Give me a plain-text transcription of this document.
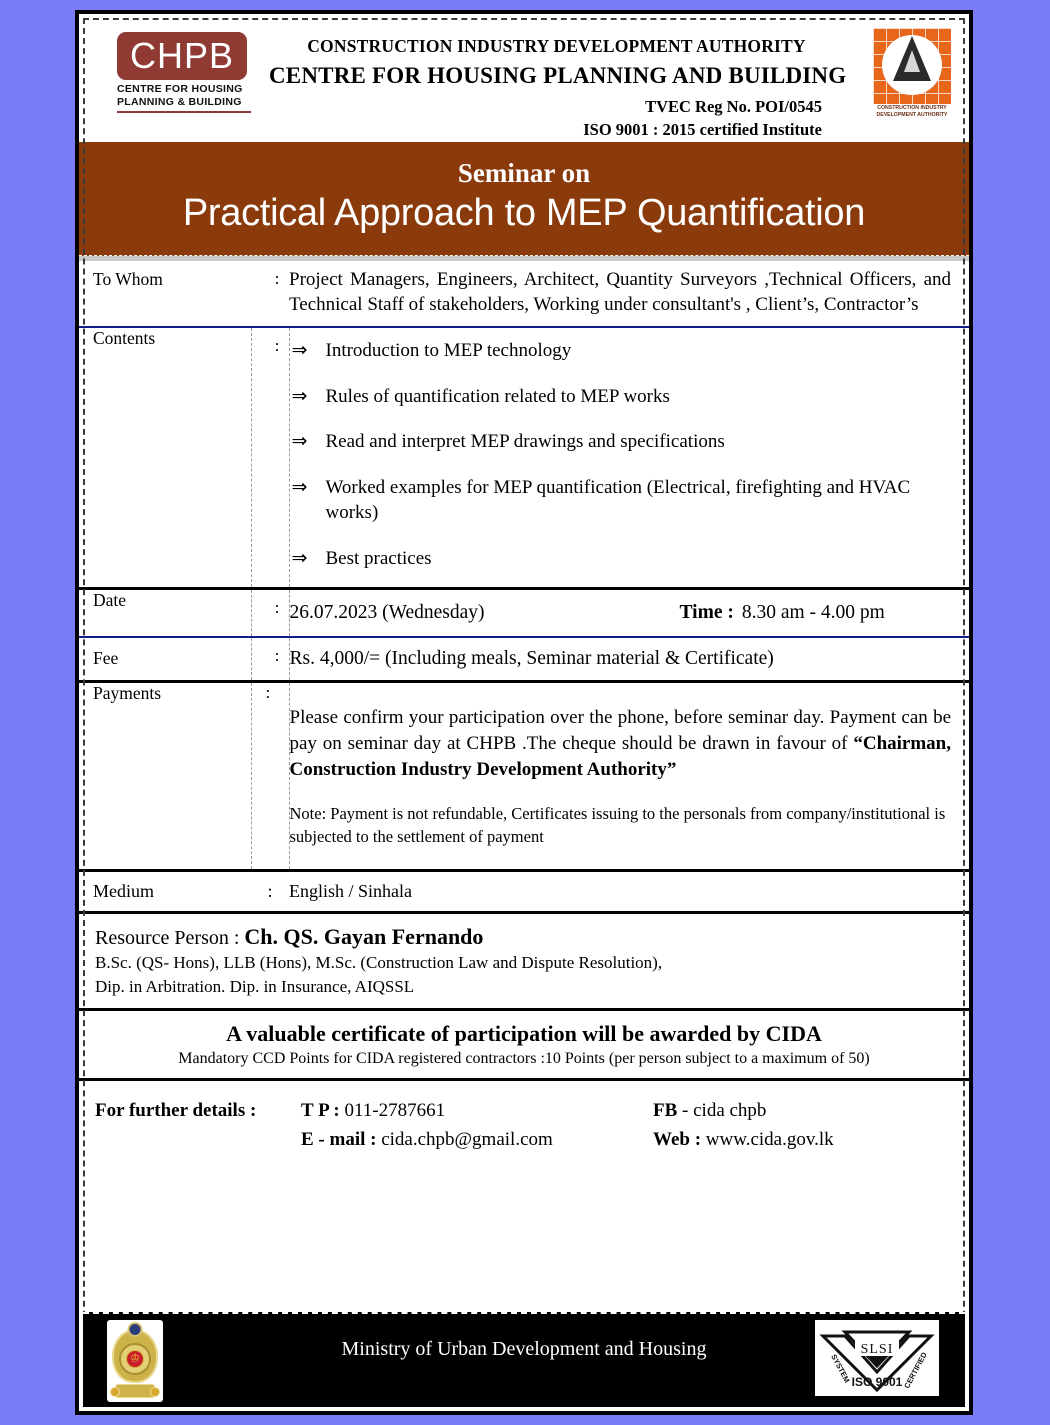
CHPB
CENTRE FOR HOUSING
PLANNING & BUILDING
CONSTRUCTION INDUSTRY DEVELOPMENT AUTHORITY
CENTRE FOR HOUSING PLANNING AND BUILDING
TVEC Reg No. POI/0545
ISO 9001 : 2015 certified Institute
CONSTRUCTION INDUSTRY
DEVELOPMENT AUTHORITY
Seminar on
Practical Approach to MEP Quantification
To Whom	:	Project Managers, Engineers, Architect, Quantity Surveyors ,Technical Officers, and Technical Staff of stakeholders, Working under consultant's , Client’s, Contractor’s

Contents	:	⇒ Introduction to MEP technology
⇒ Rules of quantification related to MEP works
⇒ Read and interpret MEP drawings and specifications
⇒ Worked examples for MEP quantification (Electrical, firefighting and HVAC works)
⇒ Best practices

Date	:	26.07.2023 (Wednesday) Time : 8.30 am - 4.00 pm

Fee	:	Rs. 4,000/= (Including meals, Seminar material & Certificate)

Payments	:	Please confirm your participation over the phone, before seminar day. Payment can be pay on seminar day at CHPB .The cheque should be drawn in favour of “Chairman, Construction Industry Development Authority”

Note: Payment is not refundable, Certificates issuing to the personals from company/institutional is subjected to the settlement of payment

Medium	:	English / Sinhala
Resource Person : Ch. QS. Gayan Fernando
B.Sc. (QS- Hons), LLB (Hons), M.Sc. (Construction Law and Dispute Resolution),
Dip. in Arbitration. Dip. in Insurance, AIQSSL
A valuable certificate of participation will be awarded by CIDA
Mandatory CCD Points for CIDA registered contractors :10 Points (per person subject to a maximum of 50)
For further details :	T P : 011-2787661	FB - cida chpb
E - mail : cida.chpb@gmail.com	Web : www.cida.gov.lk
♔	Ministry of Urban Development and Housing	SLSI
ISO 9001
SYSTEM	CERTIFIED
